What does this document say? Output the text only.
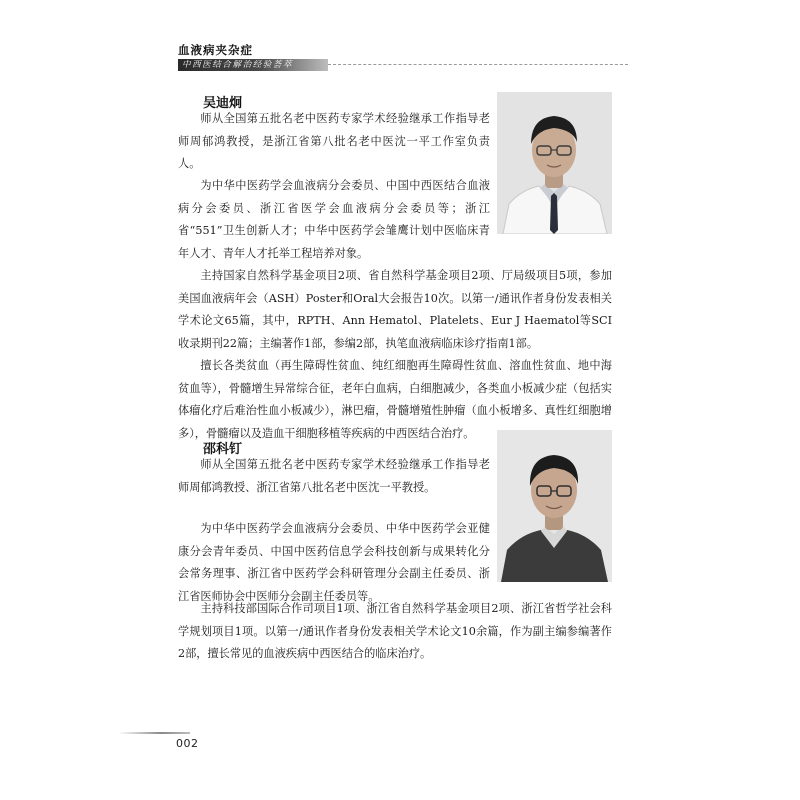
血液病夹杂症
中西医结合解治经验荟萃
吴迪炯

师从全国第五批名老中医药专家学术经验继承工作指导老师周郁鸿教授，是浙江省第八批名老中医沈一平工作室负责人。

为中华中医药学会血液病分会委员、中国中西医结合血液病分会委员、浙江省医学会血液病分会委员等；浙江省“551”卫生创新人才；中华中医药学会雏鹰计划中医临床青年人才、青年人才托举工程培养对象。

主持国家自然科学基金项目2项、省自然科学基金项目2项、厅局级项目5项，参加美国血液病年会（ASH）Poster和Oral大会报告10次。以第一/通讯作者身份发表相关学术论文65篇，其中，RPTH、Ann Hematol、Platelets、Eur J Haematol等SCI收录期刊22篇；主编著作1部，参编2部，执笔血液病临床诊疗指南1部。

擅长各类贫血（再生障碍性贫血、纯红细胞再生障碍性贫血、溶血性贫血、地中海贫血等），骨髓增生异常综合征，老年白血病，白细胞减少，各类血小板减少症（包括实体瘤化疗后难治性血小板减少），淋巴瘤，骨髓增殖性肿瘤（血小板增多、真性红细胞增多），骨髓瘤以及造血干细胞移植等疾病的中西医结合治疗。

邵科钉

师从全国第五批名老中医药专家学术经验继承工作指导老师周郁鸿教授、浙江省第八批名老中医沈一平教授。

为中华中医药学会血液病分会委员、中华中医药学会亚健康分会青年委员、中国中医药信息学会科技创新与成果转化分会常务理事、浙江省中医药学会科研管理分会副主任委员、浙江省医师协会中医师分会副主任委员等。

主持科技部国际合作司项目1项、浙江省自然科学基金项目2项、浙江省哲学社会科学规划项目1项。以第一/通讯作者身份发表相关学术论文10余篇，作为副主编参编著作2部，擅长常见的血液疾病中西医结合的临床治疗。

002
